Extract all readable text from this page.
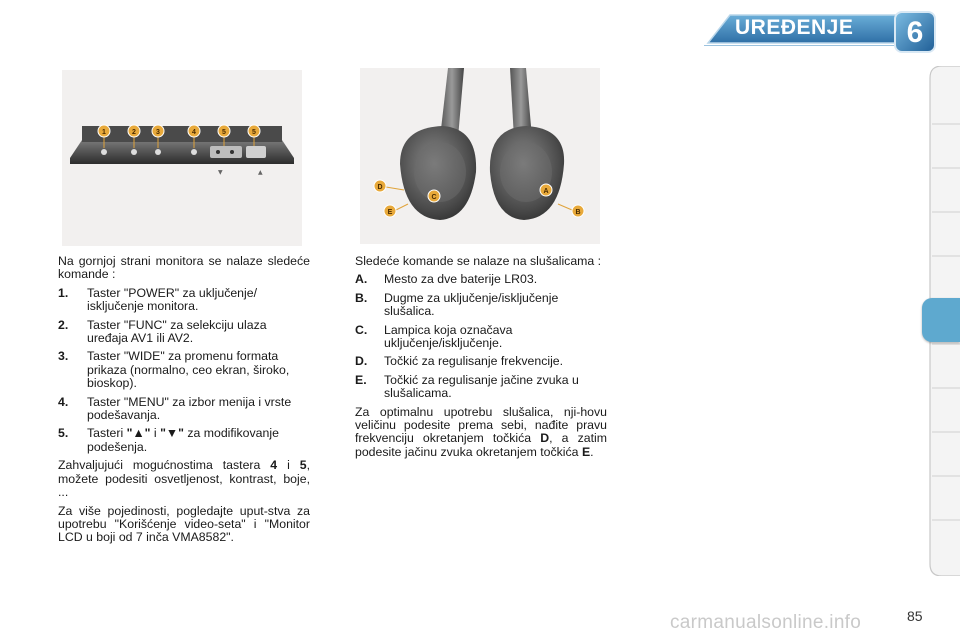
UREĐENJE	6
▼	▲
1	2	3	4	5	5
D
E
C
A
B

Na gornjoj strani monitora se nalaze sledeće komande :

1.	Taster "POWER" za uključenje/ isključenje monitora.
2.	Taster "FUNC" za selekciju ulaza uređaja AV1 ili AV2.
3.	Taster "WIDE" za promenu formata prikaza (normalno, ceo ekran, široko, bioskop).
4.	Taster "MENU" za izbor menija i vrste podešavanja.
5.	Tasteri "▲" i "▼" za modifikovanje podešenja.

Zahvaljujući mogućnostima tastera 4 i 5, možete podesiti osvetljenost, kontrast, boje, ...

Za više pojedinosti, pogledajte uput-stva za upotrebu "Korišćenje video-seta" i "Monitor LCD u boji od 7 inča VMA8582".

Sledeće komande se nalaze na slušalicama :

A.	Mesto za dve baterije LR03.
B.	Dugme za uključenje/isključenje slušalica.
C.	Lampica koja označava uključenje/isključenje.
D.	Točkić za regulisanje frekvencije.
E.	Točkić za regulisanje jačine zvuka u slušalicama.

Za optimalnu upotrebu slušalica, nji-hovu veličinu podesite prema sebi, nađite pravu frekvenciju okretanjem točkića D, a zatim podesite jačinu zvuka okretanjem točkića E.

carmanualsonline.info	85
